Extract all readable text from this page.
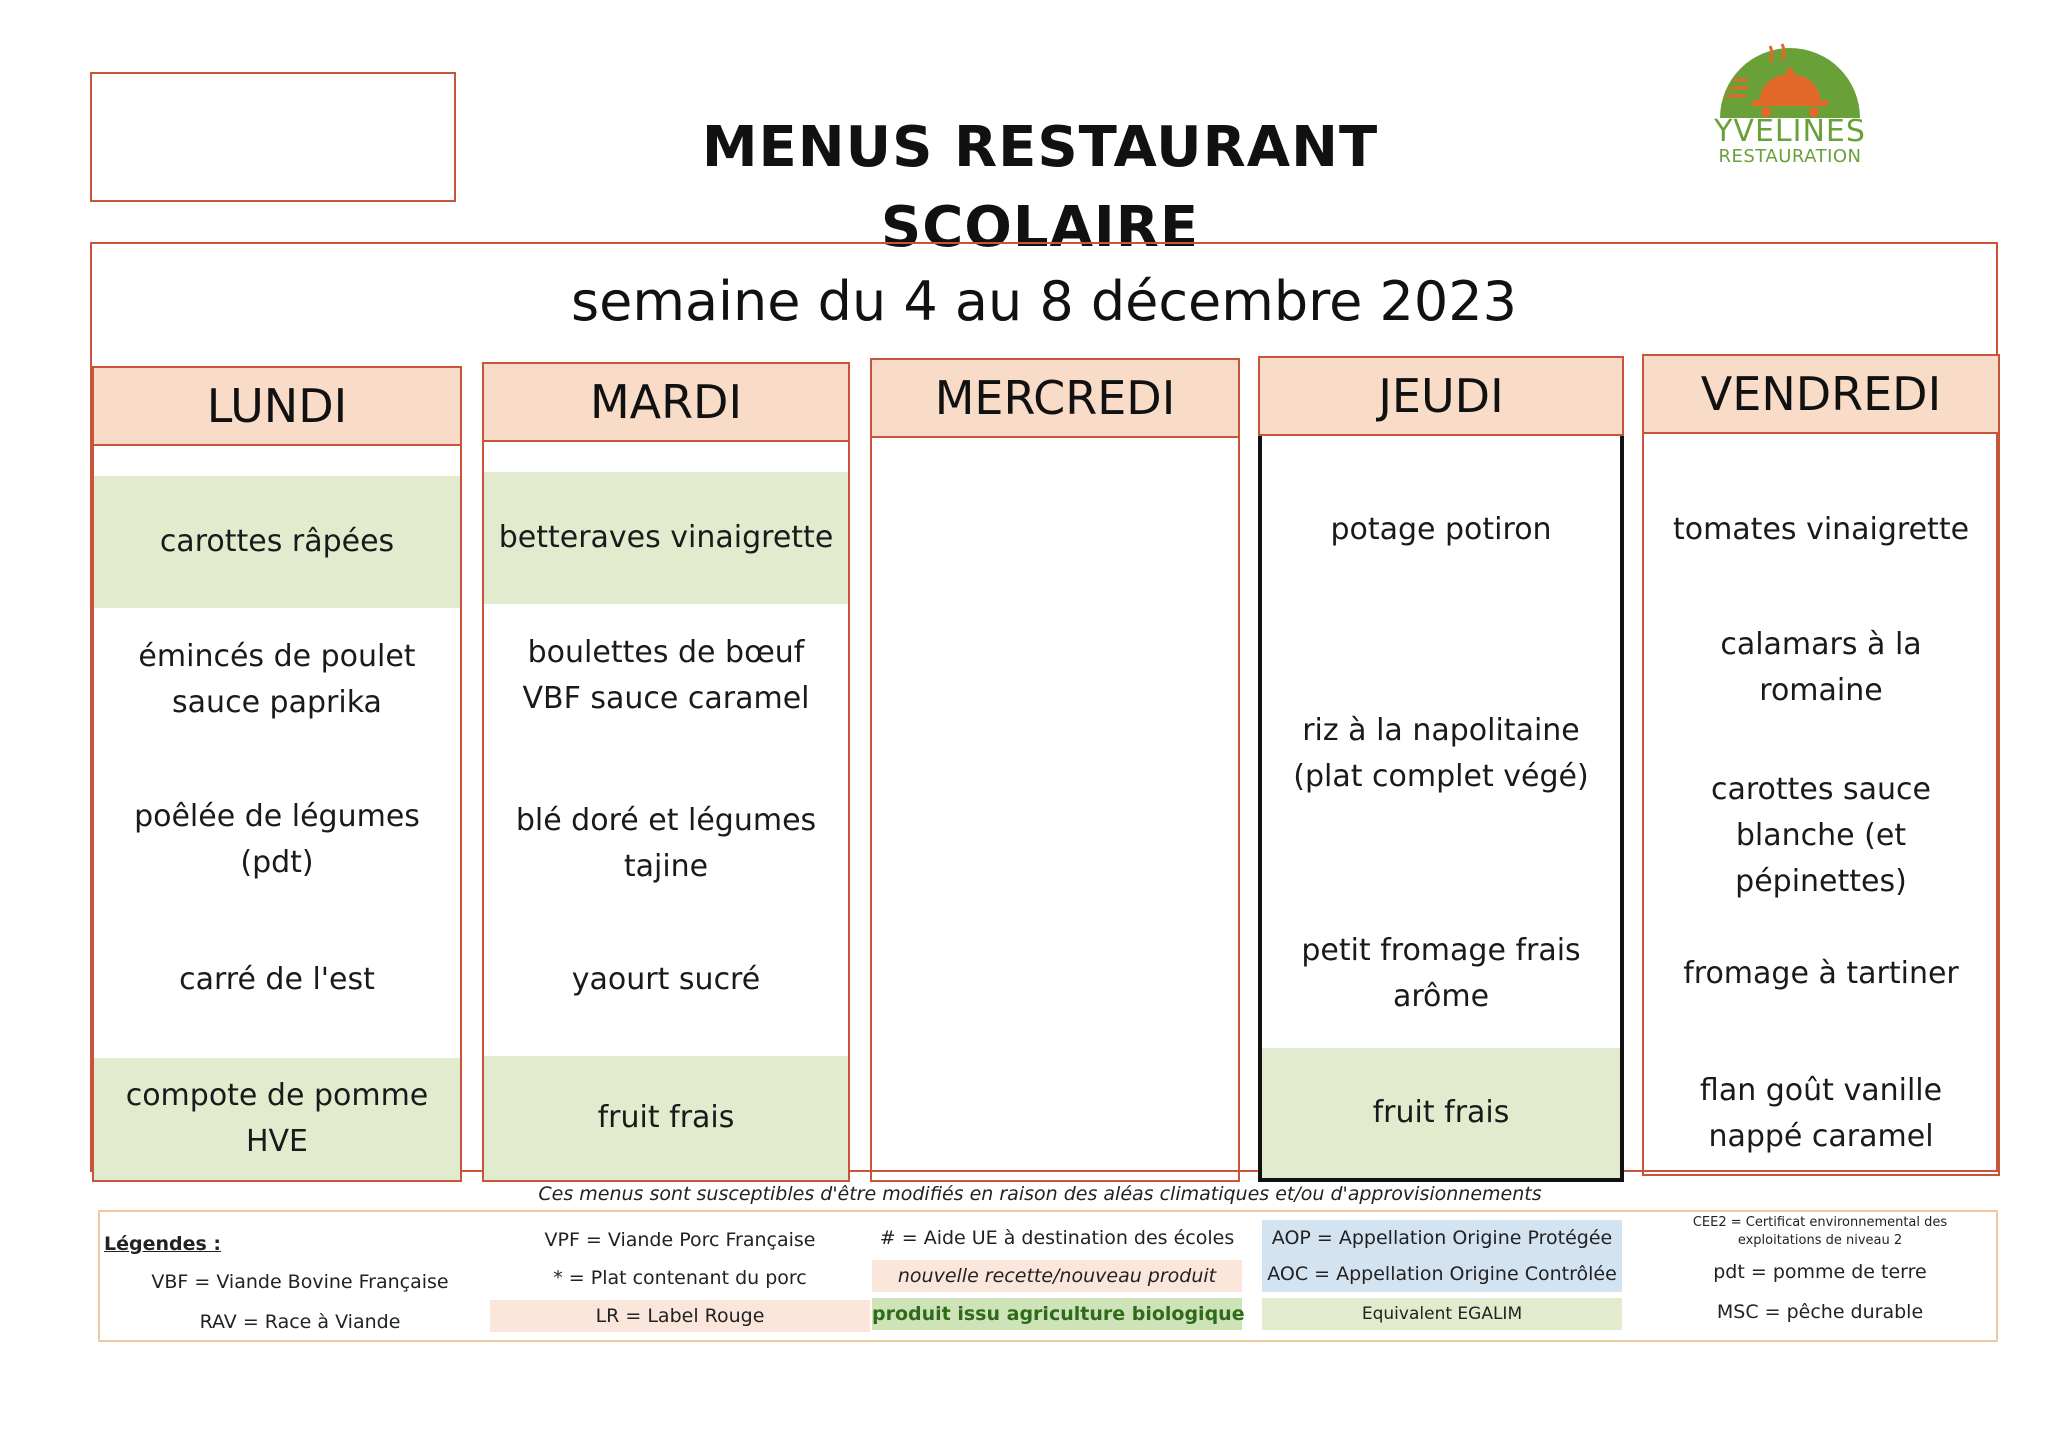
MENUS RESTAURANT SCOLAIRE
YVELINES
RESTAURATION
semaine du 4 au 8 décembre 2023
LUNDI
carottes râpées
émincés de poulet sauce paprika
poêlée de légumes (pdt)
carré de l'est
compote de pomme HVE
MARDI
betteraves vinaigrette
boulettes de bœuf VBF sauce caramel
blé doré et légumes tajine
yaourt sucré
fruit frais
MERCREDI	JEUDI
potage potiron
riz à la napolitaine (plat complet végé)
petit fromage frais arôme
fruit frais
VENDREDI
tomates vinaigrette
calamars à la romaine
carottes sauce blanche (et pépinettes)
fromage à tartiner
flan goût vanille nappé caramel
Ces menus sont susceptibles d'être modifiés en raison des aléas climatiques et/ou d'approvisionnements
Légendes :
VBF = Viande Bovine Française
RAV = Race à Viande
VPF = Viande Porc Française
* = Plat contenant du porc
LR = Label Rouge
# = Aide UE à destination des écoles
nouvelle recette/nouveau produit
produit issu agriculture biologique
AOP = Appellation Origine Protégée
AOC = Appellation Origine Contrôlée
Equivalent EGALIM
CEE2 = Certificat environnemental des exploitations de niveau 2
pdt = pomme de terre
MSC = pêche durable
